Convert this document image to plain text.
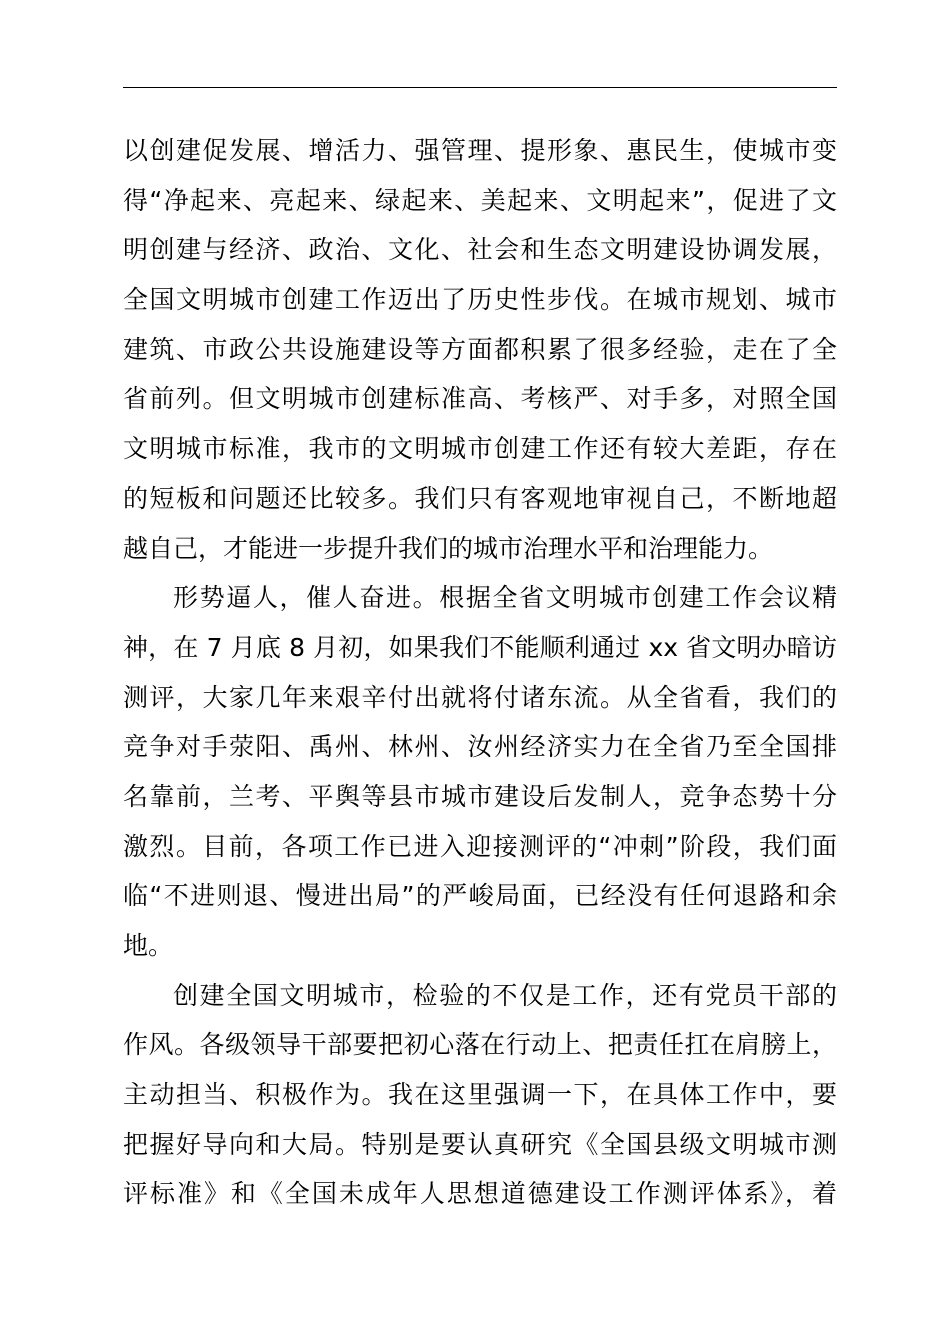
以创建促发展、增活力、强管理、提形象、惠民生，使城市变
得“净起来、亮起来、绿起来、美起来、文明起来”，促进了文
明创建与经济、政治、文化、社会和生态文明建设协调发展，
全国文明城市创建工作迈出了历史性步伐。在城市规划、城市
建筑、市政公共设施建设等方面都积累了很多经验，走在了全
省前列。但文明城市创建标准高、考核严、对手多，对照全国
文明城市标准，我市的文明城市创建工作还有较大差距，存在
的短板和问题还比较多。我们只有客观地审视自己，不断地超
越自己，才能进一步提升我们的城市治理水平和治理能力。
形势逼人，催人奋进。根据全省文明城市创建工作会议精
神，在 7 月底 8 月初，如果我们不能顺利通过 xx 省文明办暗访
测评，大家几年来艰辛付出就将付诸东流。从全省看，我们的
竞争对手荥阳、禹州、林州、汝州经济实力在全省乃至全国排
名靠前，兰考、平舆等县市城市建设后发制人，竞争态势十分
激烈。目前，各项工作已进入迎接测评的“冲刺”阶段，我们面
临“不进则退、慢进出局”的严峻局面，已经没有任何退路和余
地。
创建全国文明城市，检验的不仅是工作，还有党员干部的
作风。各级领导干部要把初心落在行动上、把责任扛在肩膀上，
主动担当、积极作为。我在这里强调一下，在具体工作中，要
把握好导向和大局。特别是要认真研究《全国县级文明城市测
评标准》和《全国未成年人思想道德建设工作测评体系》，着
